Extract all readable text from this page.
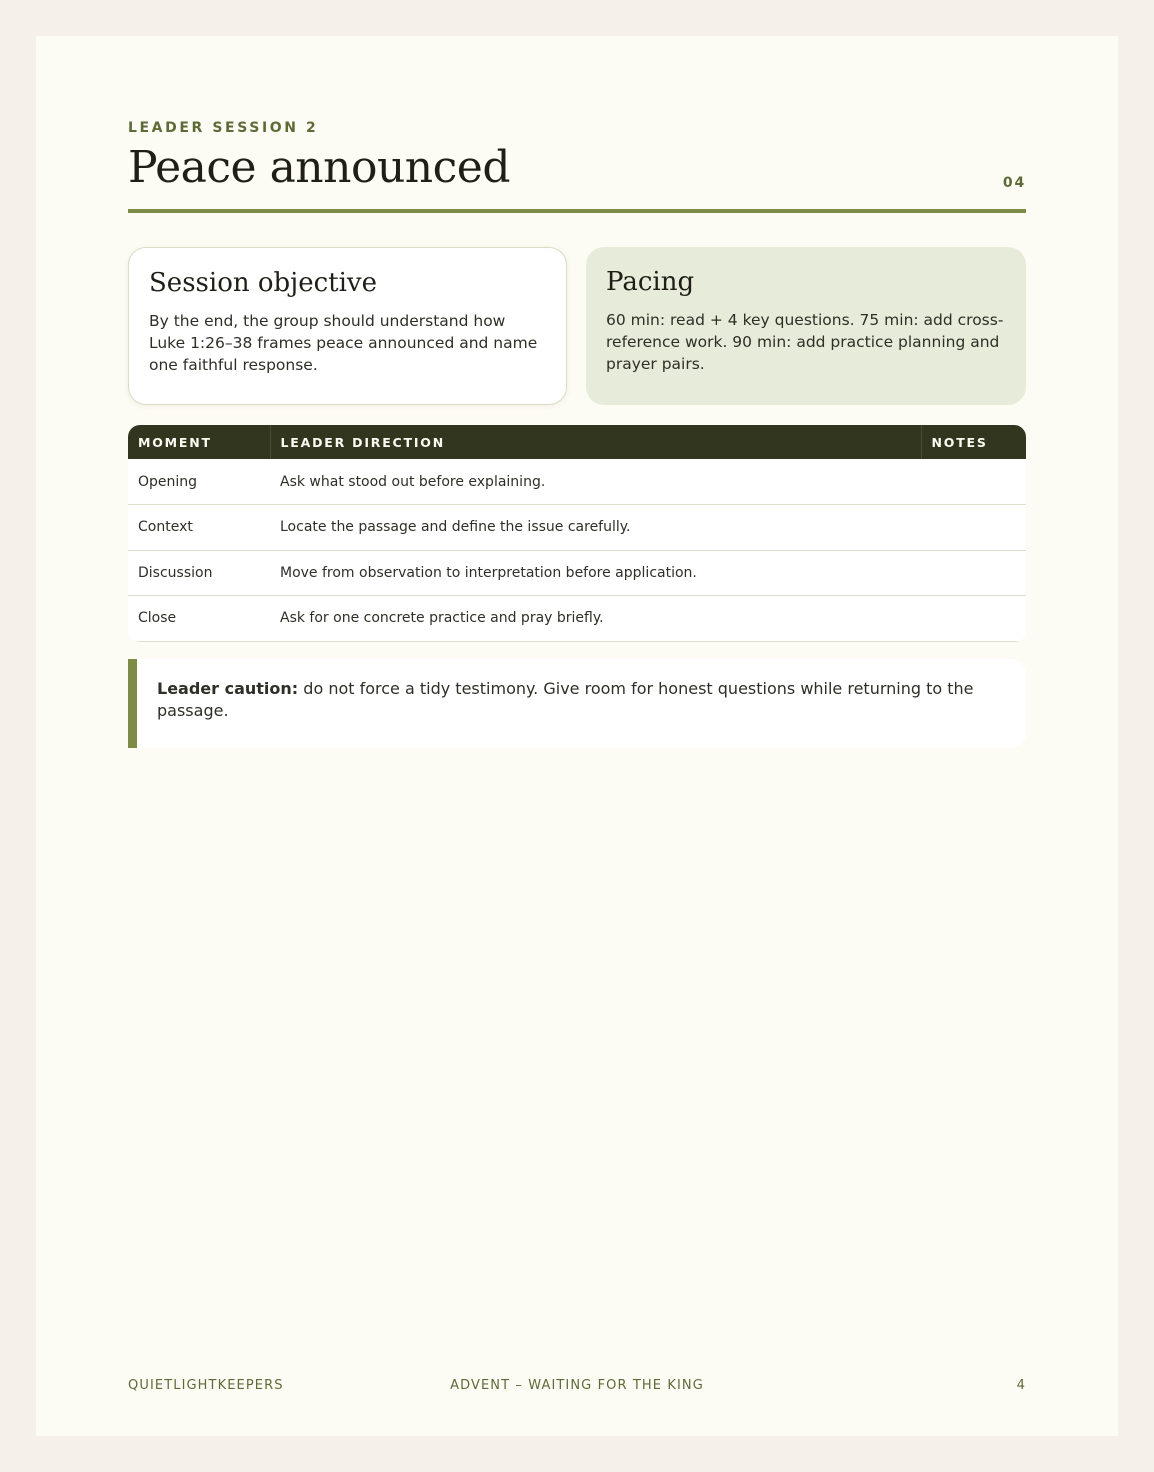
LEADER SESSION 2
Peace announced	04
Session objective

By the end, the group should understand how Luke 1:26–38 frames peace announced and name one faithful response.

Pacing

60 min: read + 4 key questions. 75 min: add cross-reference work. 90 min: add practice planning and prayer pairs.

MOMENT	LEADER DIRECTION	NOTES
Opening	Ask what stood out before explaining.	
Context	Locate the passage and define the issue carefully.	
Discussion	Move from observation to interpretation before application.	
Close	Ask for one concrete practice and pray briefly.	
Leader caution: do not force a tidy testimony. Give room for honest questions while returning to the passage.
QUIETLIGHTKEEPERS	ADVENT – WAITING FOR THE KING	4
